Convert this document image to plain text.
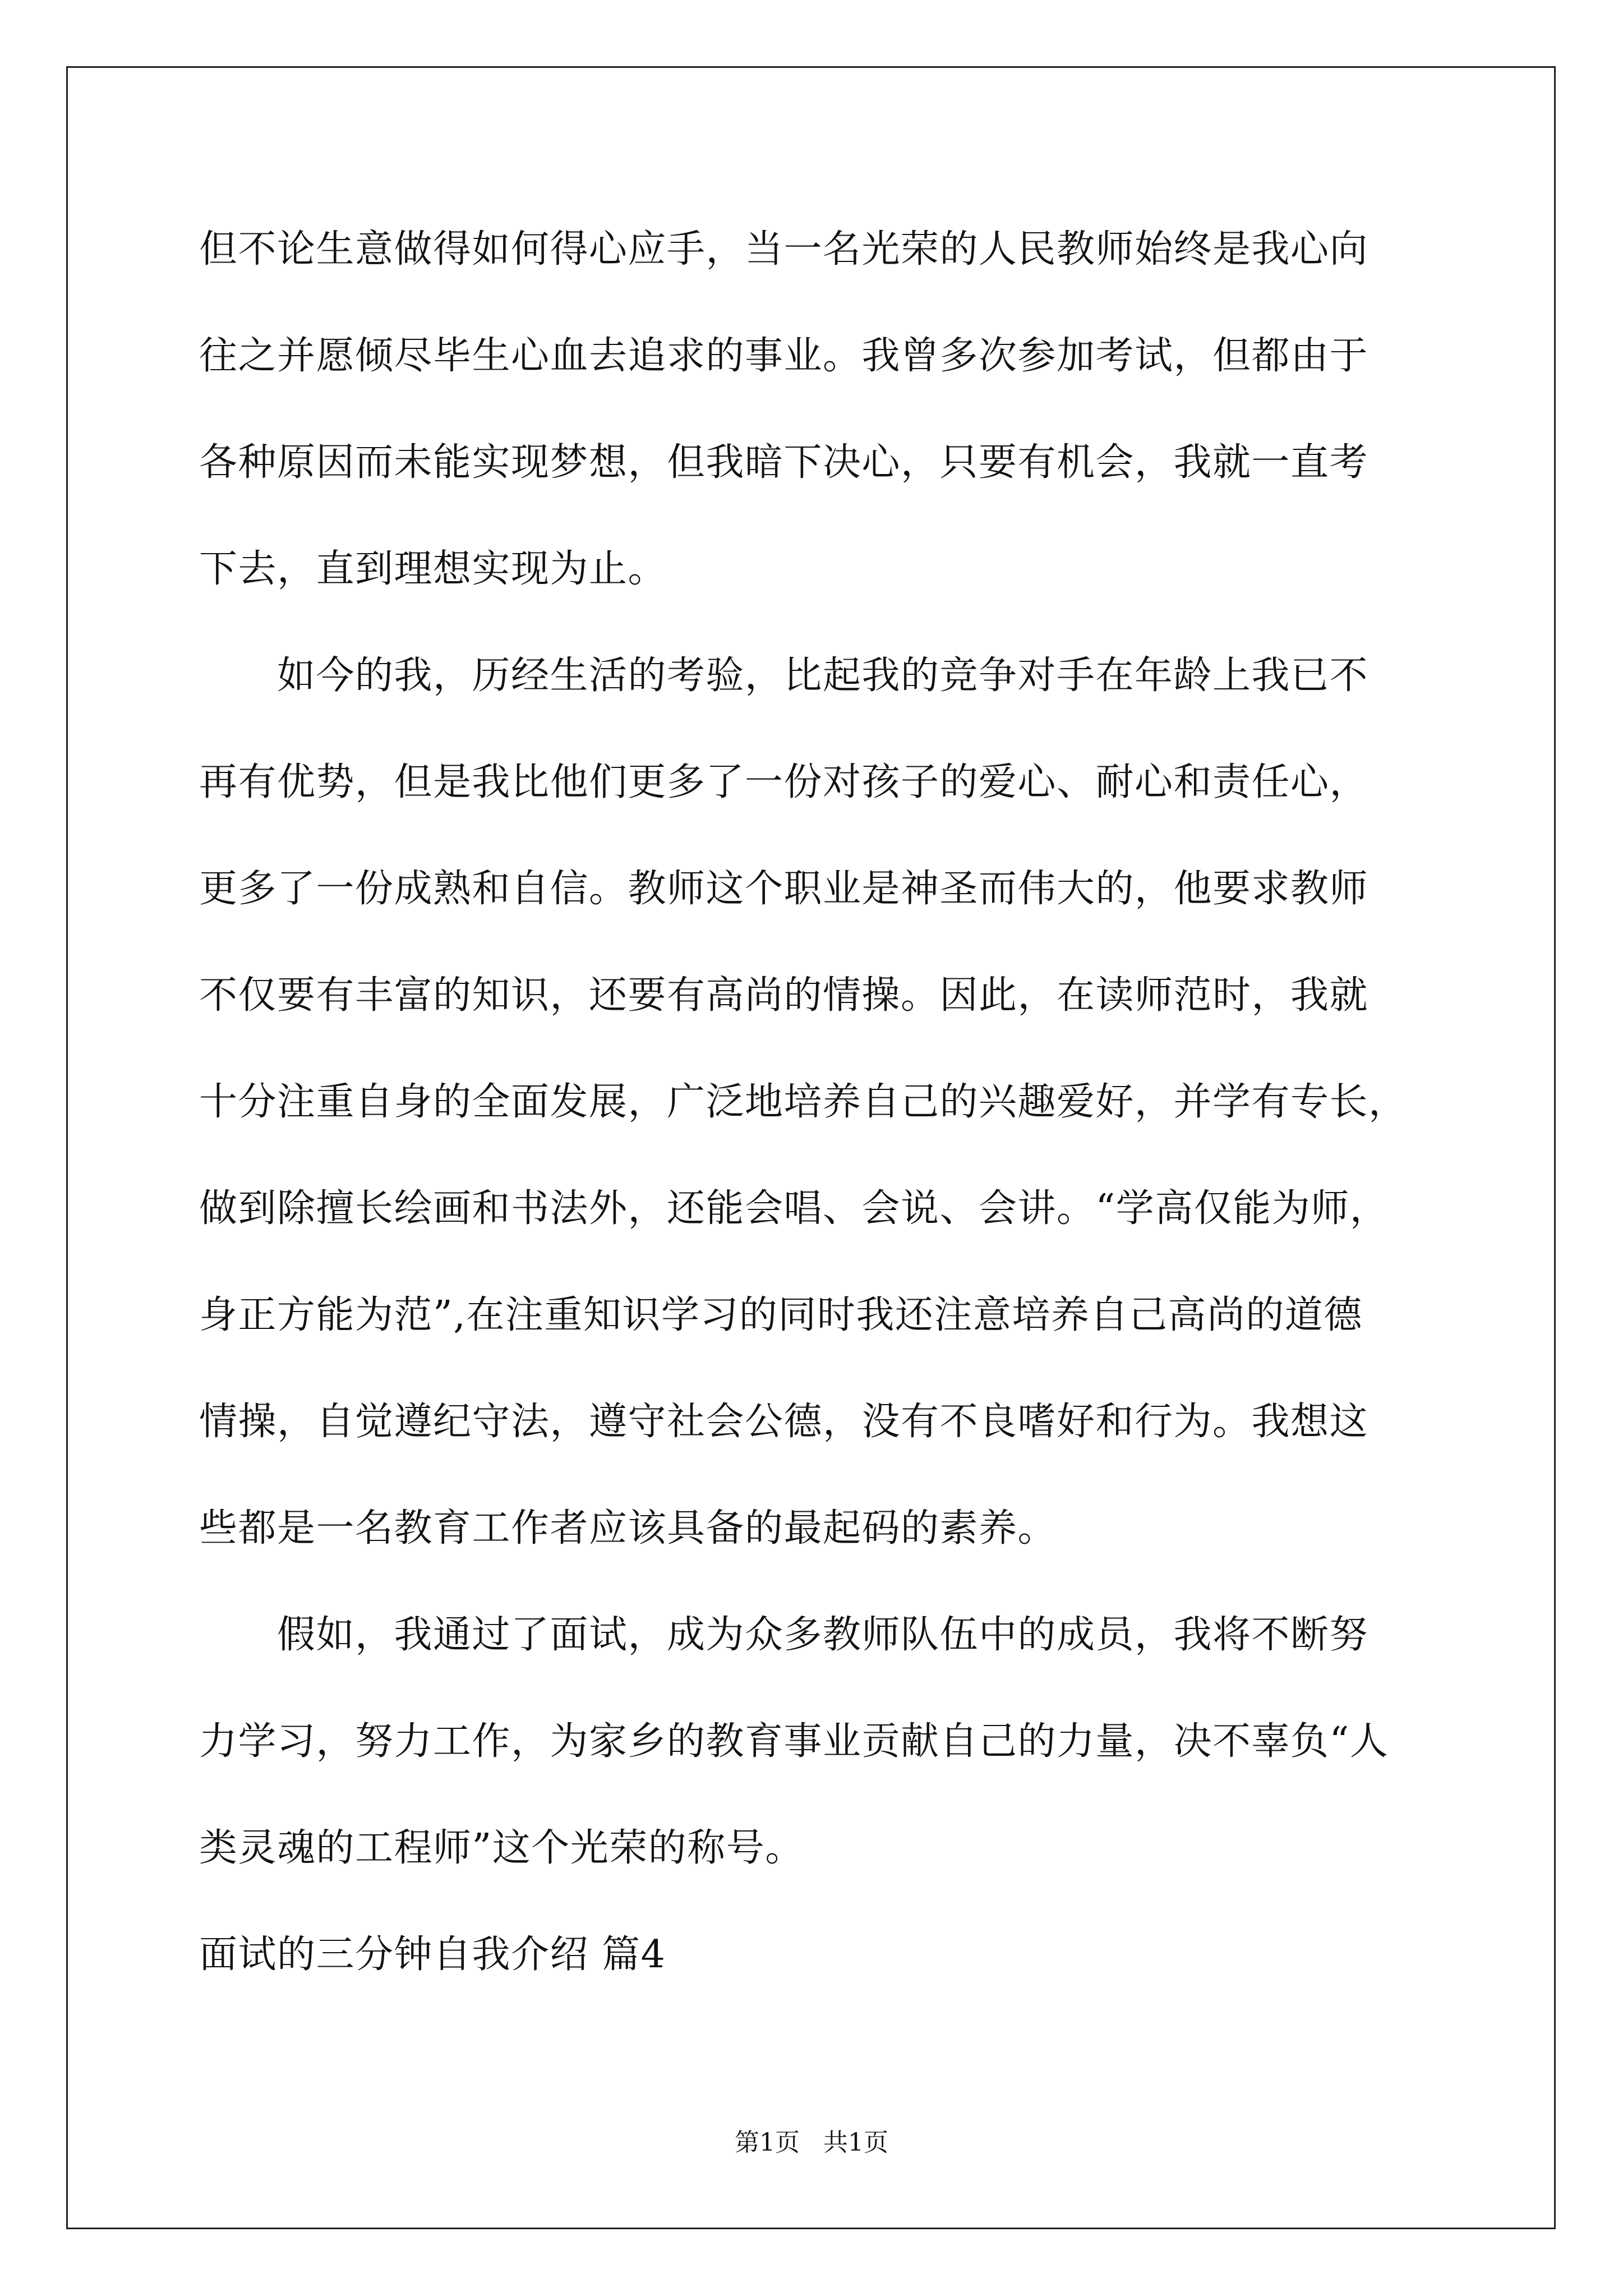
但不论生意做得如何得心应手，当一名光荣的人民教师始终是我心向

往之并愿倾尽毕生心血去追求的事业。我曾多次参加考试，但都由于

各种原因而未能实现梦想，但我暗下决心，只要有机会，我就一直考

下去，直到理想实现为止。

　　如今的我，历经生活的考验，比起我的竞争对手在年龄上我已不

再有优势，但是我比他们更多了一份对孩子的爱心、耐心和责任心，

更多了一份成熟和自信。教师这个职业是神圣而伟大的，他要求教师

不仅要有丰富的知识，还要有高尚的情操。因此，在读师范时，我就

十分注重自身的全面发展，广泛地培养自己的兴趣爱好，并学有专长，

做到除擅长绘画和书法外，还能会唱、会说、会讲。“学高仅能为师，

身正方能为范”,在注重知识学习的同时我还注意培养自己高尚的道德

情操，自觉遵纪守法，遵守社会公德，没有不良嗜好和行为。我想这

些都是一名教育工作者应该具备的最起码的素养。

　　假如，我通过了面试，成为众多教师队伍中的成员，我将不断努

力学习，努力工作，为家乡的教育事业贡献自己的力量，决不辜负“人

类灵魂的工程师”这个光荣的称号。

面试的三分钟自我介绍 篇4
第1页   共1页
